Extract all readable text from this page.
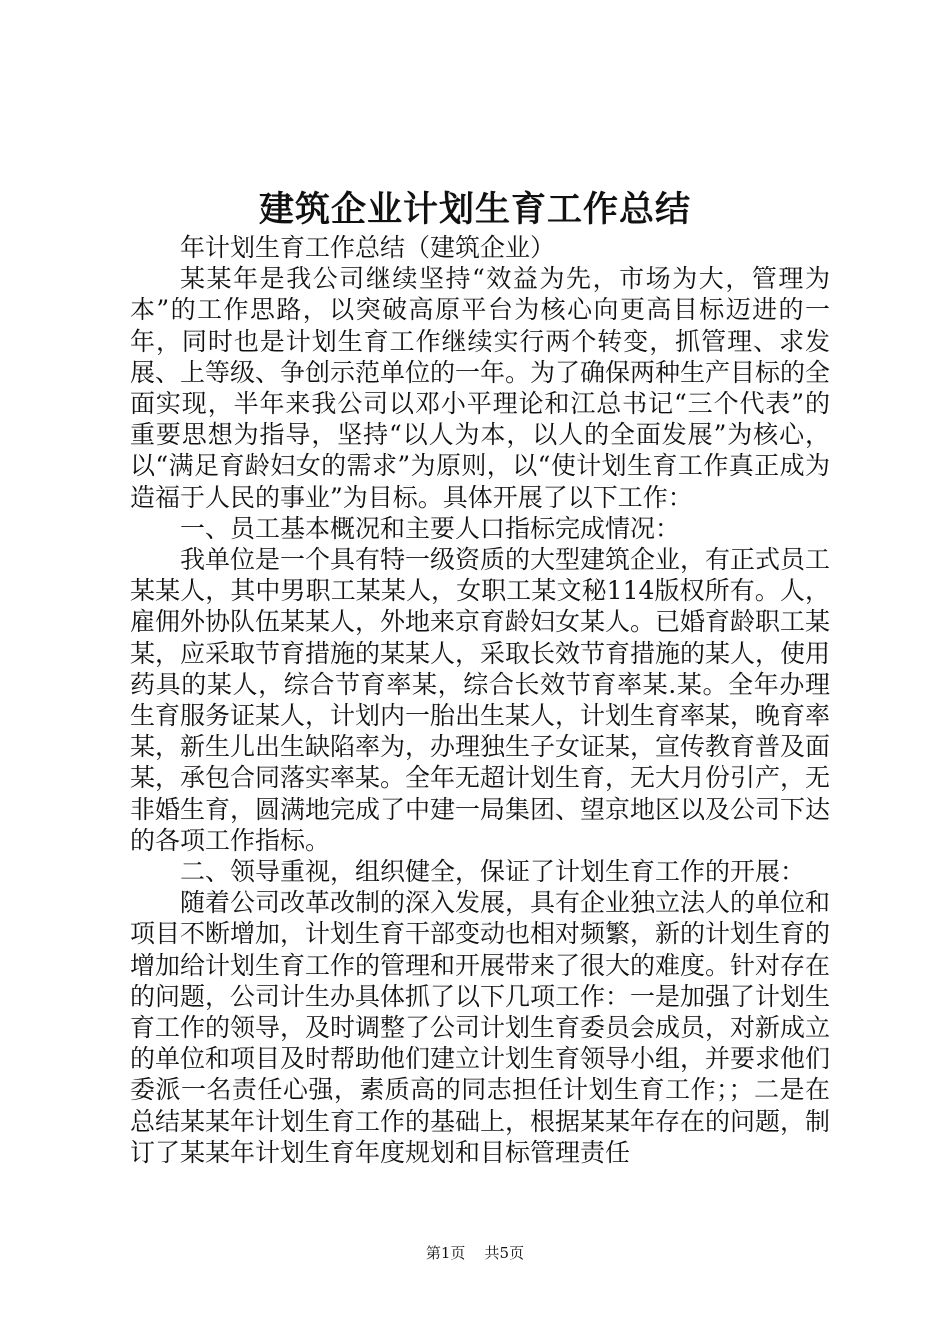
建筑企业计划生育工作总结

年计划生育工作总结（建筑企业）

某某年是我公司继续坚持“效益为先，市场为大，管理为本”的工作思路，以突破高原平台为核心向更高目标迈进的一年，同时也是计划生育工作继续实行两个转变，抓管理、求发展、上等级、争创示范单位的一年。为了确保两种生产目标的全面实现，半年来我公司以邓小平理论和江总书记“三个代表”的重要思想为指导，坚持“以人为本，以人的全面发展”为核心，以“满足育龄妇女的需求”为原则，以“使计划生育工作真正成为造福于人民的事业”为目标。具体开展了以下工作：

一、员工基本概况和主要人口指标完成情况：

我单位是一个具有特一级资质的大型建筑企业，有正式员工某某人，其中男职工某某人，女职工某文秘114版权所有。人，雇佣外协队伍某某人，外地来京育龄妇女某人。已婚育龄职工某某，应采取节育措施的某某人，采取长效节育措施的某人，使用药具的某人，综合节育率某，综合长效节育率某.某。全年办理生育服务证某人，计划内一胎出生某人，计划生育率某，晚育率某，新生儿出生缺陷率为，办理独生子女证某，宣传教育普及面某，承包合同落实率某。全年无超计划生育，无大月份引产，无非婚生育，圆满地完成了中建一局集团、望京地区以及公司下达的各项工作指标。

二、领导重视，组织健全，保证了计划生育工作的开展：

随着公司改革改制的深入发展，具有企业独立法人的单位和项目不断增加，计划生育干部变动也相对频繁，新的计划生育的增加给计划生育工作的管理和开展带来了很大的难度。针对存在的问题，公司计生办具体抓了以下几项工作：一是加强了计划生育工作的领导，及时调整了公司计划生育委员会成员，对新成立的单位和项目及时帮助他们建立计划生育领导小组，并要求他们委派一名责任心强，素质高的同志担任计划生育工作；；二是在总结某某年计划生育工作的基础上，根据某某年存在的问题，制订了某某年计划生育年度规划和目标管理责任

第1页 共5页
